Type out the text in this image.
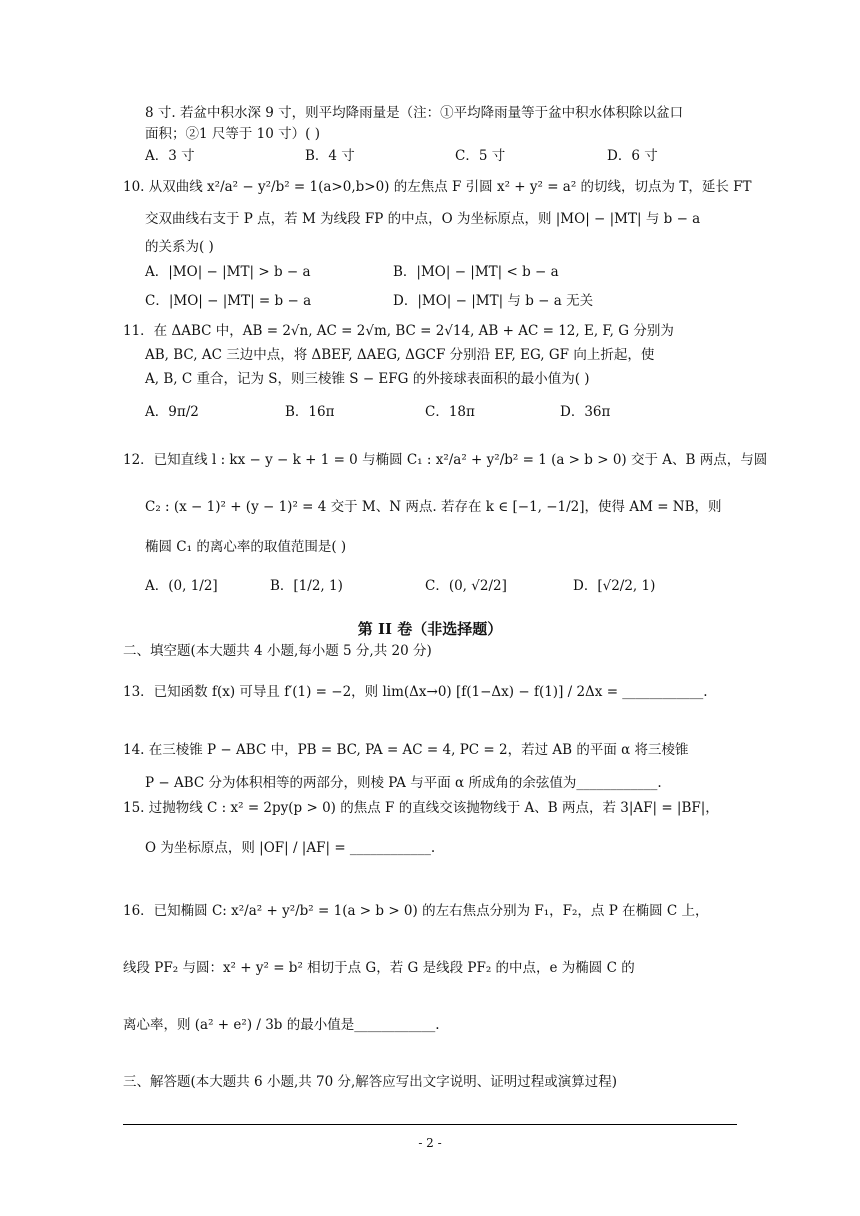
8 寸. 若盆中积水深 9 寸，则平均降雨量是（注：①平均降雨量等于盆中积水体积除以盆口
面积；②1 尺等于 10 寸）( )
A．3 寸	B．4 寸	C．5 寸	D．6 寸
10. 从双曲线 x²/a² − y²/b² = 1(a>0,b>0) 的左焦点 F 引圆 x² + y² = a² 的切线，切点为 T，延长 FT
交双曲线右支于 P 点，若 M 为线段 FP 的中点，O 为坐标原点，则 |MO| − |MT| 与 b − a
的关系为( )
A．|MO| − |MT| > b − a	B．|MO| − |MT| < b − a
C．|MO| − |MT| = b − a	D．|MO| − |MT| 与 b − a 无关
11．在 ΔABC 中，AB = 2√n, AC = 2√m, BC = 2√14, AB + AC = 12, E, F, G 分别为
AB, BC, AC 三边中点，将 ΔBEF, ΔAEG, ΔGCF 分别沿 EF, EG, GF 向上折起，使
A, B, C 重合，记为 S，则三棱锥 S − EFG 的外接球表面积的最小值为( )
A．9π/2	B．16π	C．18π	D．36π
12．已知直线 l : kx − y − k + 1 = 0 与椭圆 C₁ : x²/a² + y²/b² = 1 (a > b > 0) 交于 A、B 两点，与圆
C₂ : (x − 1)² + (y − 1)² = 4 交于 M、N 两点. 若存在 k ∈ [−1, −1/2]，使得 AM = NB，则
椭圆 C₁ 的离心率的取值范围是( )
A．(0, 1/2]	B．[1/2, 1)	C．(0, √2/2]	D．[√2/2, 1)
第 II 卷（非选择题）
二、填空题(本大题共 4 小题,每小题 5 分,共 20 分)
13．已知函数 f(x) 可导且 f′(1) = −2，则 lim(Δx→0) [f(1−Δx) − f(1)] / 2Δx = ____________.
14. 在三棱锥 P − ABC 中，PB = BC, PA = AC = 4, PC = 2，若过 AB 的平面 α 将三棱锥
P − ABC 分为体积相等的两部分，则棱 PA 与平面 α 所成角的余弦值为____________.
15. 过抛物线 C : x² = 2py(p > 0) 的焦点 F 的直线交该抛物线于 A、B 两点，若 3|AF| = |BF|，
O 为坐标原点，则 |OF| / |AF| = ____________.
16．已知椭圆 C: x²/a² + y²/b² = 1(a > b > 0) 的左右焦点分别为 F₁，F₂，点 P 在椭圆 C 上，
线段 PF₂ 与圆：x² + y² = b² 相切于点 G，若 G 是线段 PF₂ 的中点，e 为椭圆 C 的
离心率，则 (a² + e²) / 3b 的最小值是____________.
三、解答题(本大题共 6 小题,共 70 分,解答应写出文字说明、证明过程或演算过程)
- 2 -
